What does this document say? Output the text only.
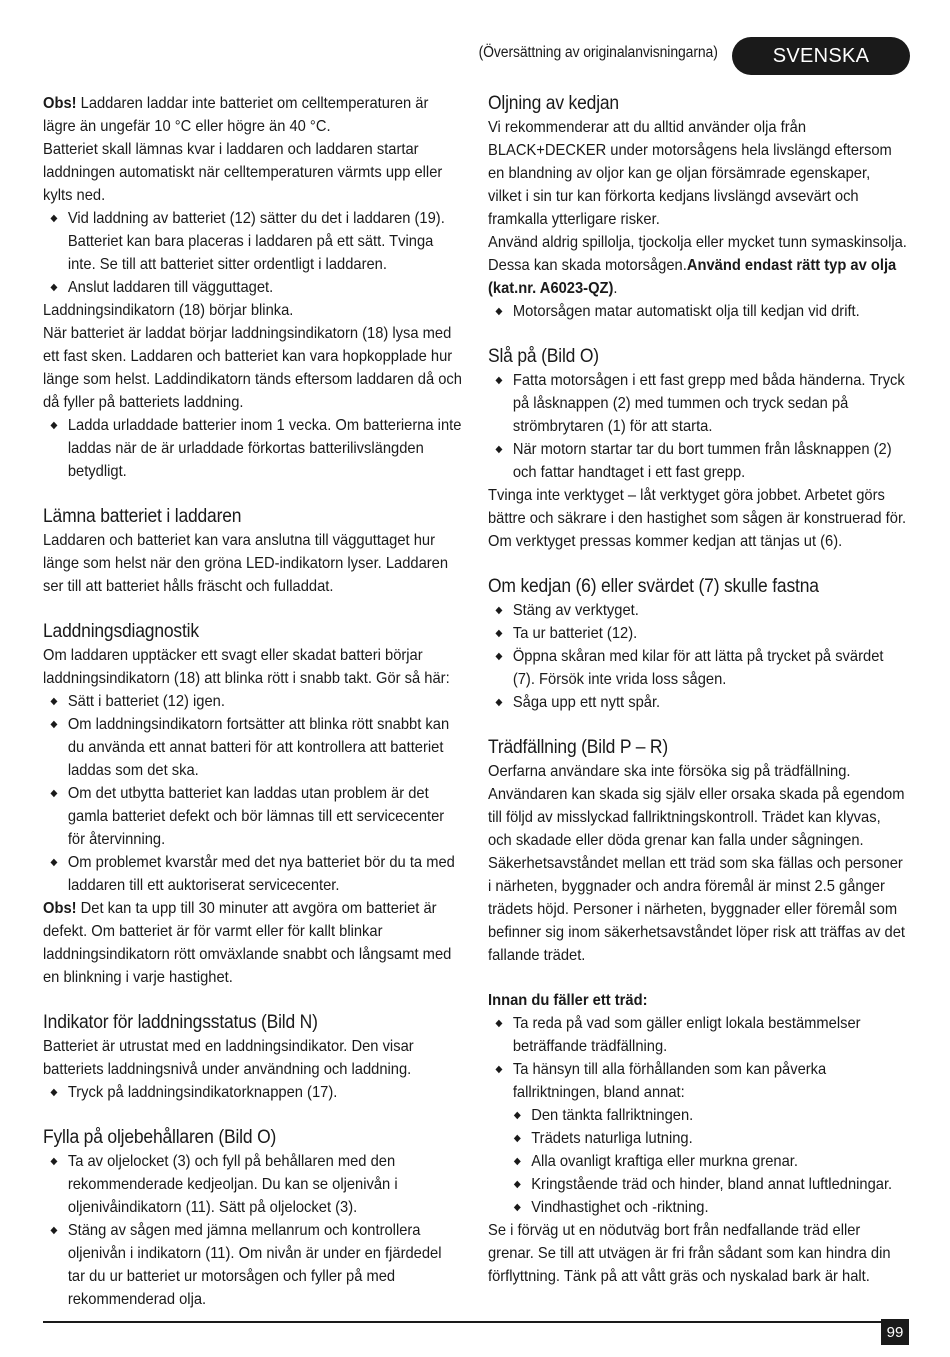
(Översättning av originalanvisningarna)	SVENSKA

Obs! Laddaren laddar inte batteriet om celltemperaturen är lägre än ungefär 10 °C eller högre än 40 °C.

Batteriet skall lämnas kvar i laddaren och laddaren startar laddningen automatiskt när celltemperaturen värmts upp eller kylts ned.

◆ Vid laddning av batteriet (12) sätter du det i laddaren (19). Batteriet kan bara placeras i laddaren på ett sätt. Tvinga inte. Se till att batteriet sitter ordentligt i laddaren.
◆ Anslut laddaren till vägguttaget.

Laddningsindikatorn (18) börjar blinka.

När batteriet är laddat börjar laddningsindikatorn (18) lysa med ett fast sken. Laddaren och batteriet kan vara hopkopplade hur länge som helst. Laddindikatorn tänds eftersom laddaren då och då fyller på batteriets laddning.

◆ Ladda urladdade batterier inom 1 vecka. Om batterierna inte laddas när de är urladdade förkortas batterilivslängden betydligt.
Lämna batteriet i laddaren

Laddaren och batteriet kan vara anslutna till vägguttaget hur länge som helst när den gröna LED-indikatorn lyser. Laddaren ser till att batteriet hålls fräscht och fulladdat.

Laddningsdiagnostik

Om laddaren upptäcker ett svagt eller skadat batteri börjar laddningsindikatorn (18) att blinka rött i snabb takt. Gör så här:

◆ Sätt i batteriet (12) igen.
◆ Om laddningsindikatorn fortsätter att blinka rött snabbt kan du använda ett annat batteri för att kontrollera att batteriet laddas som det ska.
◆ Om det utbytta batteriet kan laddas utan problem är det gamla batteriet defekt och bör lämnas till ett servicecenter för återvinning.
◆ Om problemet kvarstår med det nya batteriet bör du ta med laddaren till ett auktoriserat servicecenter.

Obs! Det kan ta upp till 30 minuter att avgöra om batteriet är defekt. Om batteriet är för varmt eller för kallt blinkar laddningsindikatorn rött omväxlande snabbt och långsamt med en blinkning i varje hastighet.

Indikator för laddningsstatus (Bild N)

Batteriet är utrustat med en laddningsindikator. Den visar batteriets laddningsnivå under användning och laddning.

◆ Tryck på laddningsindikatorknappen (17).
Fylla på oljebehållaren (Bild O)
◆ Ta av oljelocket (3) och fyll på behållaren med den rekommenderade kedjeoljan. Du kan se oljenivån i oljenivåindikatorn (11). Sätt på oljelocket (3).
◆ Stäng av sågen med jämna mellanrum och kontrollera oljenivån i indikatorn (11). Om nivån är under en fjärdedel tar du ur batteriet ur motorsågen och fyller på med rekommenderad olja.
Oljning av kedjan

Vi rekommenderar att du alltid använder olja från BLACK+DECKER under motorsågens hela livslängd eftersom en blandning av oljor kan ge oljan försämrade egenskaper, vilket i sin tur kan förkorta kedjans livslängd avsevärt och framkalla ytterligare risker.

Använd aldrig spillolja, tjockolja eller mycket tunn symaskinsolja. Dessa kan skada motorsågen.Använd endast rätt typ av olja (kat.nr. A6023-QZ).

◆ Motorsågen matar automatiskt olja till kedjan vid drift.
Slå på (Bild O)
◆ Fatta motorsågen i ett fast grepp med båda händerna. Tryck på låsknappen (2) med tummen och tryck sedan på strömbrytaren (1) för att starta.
◆ När motorn startar tar du bort tummen från låsknappen (2) och fattar handtaget i ett fast grepp.

Tvinga inte verktyget – låt verktyget göra jobbet. Arbetet görs bättre och säkrare i den hastighet som sågen är konstruerad för. Om verktyget pressas kommer kedjan att tänjas ut (6).

Om kedjan (6) eller svärdet (7) skulle fastna
◆ Stäng av verktyget.
◆ Ta ur batteriet (12).
◆ Öppna skåran med kilar för att lätta på trycket på svärdet (7). Försök inte vrida loss sågen.
◆ Såga upp ett nytt spår.
Trädfällning (Bild P – R)

Oerfarna användare ska inte försöka sig på trädfällning. Användaren kan skada sig själv eller orsaka skada på egendom till följd av misslyckad fallriktningskontroll. Trädet kan klyvas, och skadade eller döda grenar kan falla under sågningen.

Säkerhetsavståndet mellan ett träd som ska fällas och personer i närheten, byggnader och andra föremål är minst 2.5 gånger trädets höjd. Personer i närheten, byggnader eller föremål som befinner sig inom säkerhetsavståndet löper risk att träffas av det fallande trädet.

Innan du fäller ett träd:
◆ Ta reda på vad som gäller enligt lokala bestämmelser beträffande trädfällning.
◆ Ta hänsyn till alla förhållanden som kan påverka fallriktningen, bland annat:
◆ Den tänkta fallriktningen.
◆ Trädets naturliga lutning.
◆ Alla ovanligt kraftiga eller murkna grenar.
◆ Kringstående träd och hinder, bland annat luftledningar.
◆ Vindhastighet och -riktning.

Se i förväg ut en nödutväg bort från nedfallande träd eller grenar. Se till att utvägen är fri från sådant som kan hindra din förflyttning. Tänk på att vått gräs och nyskalad bark är halt.

99
